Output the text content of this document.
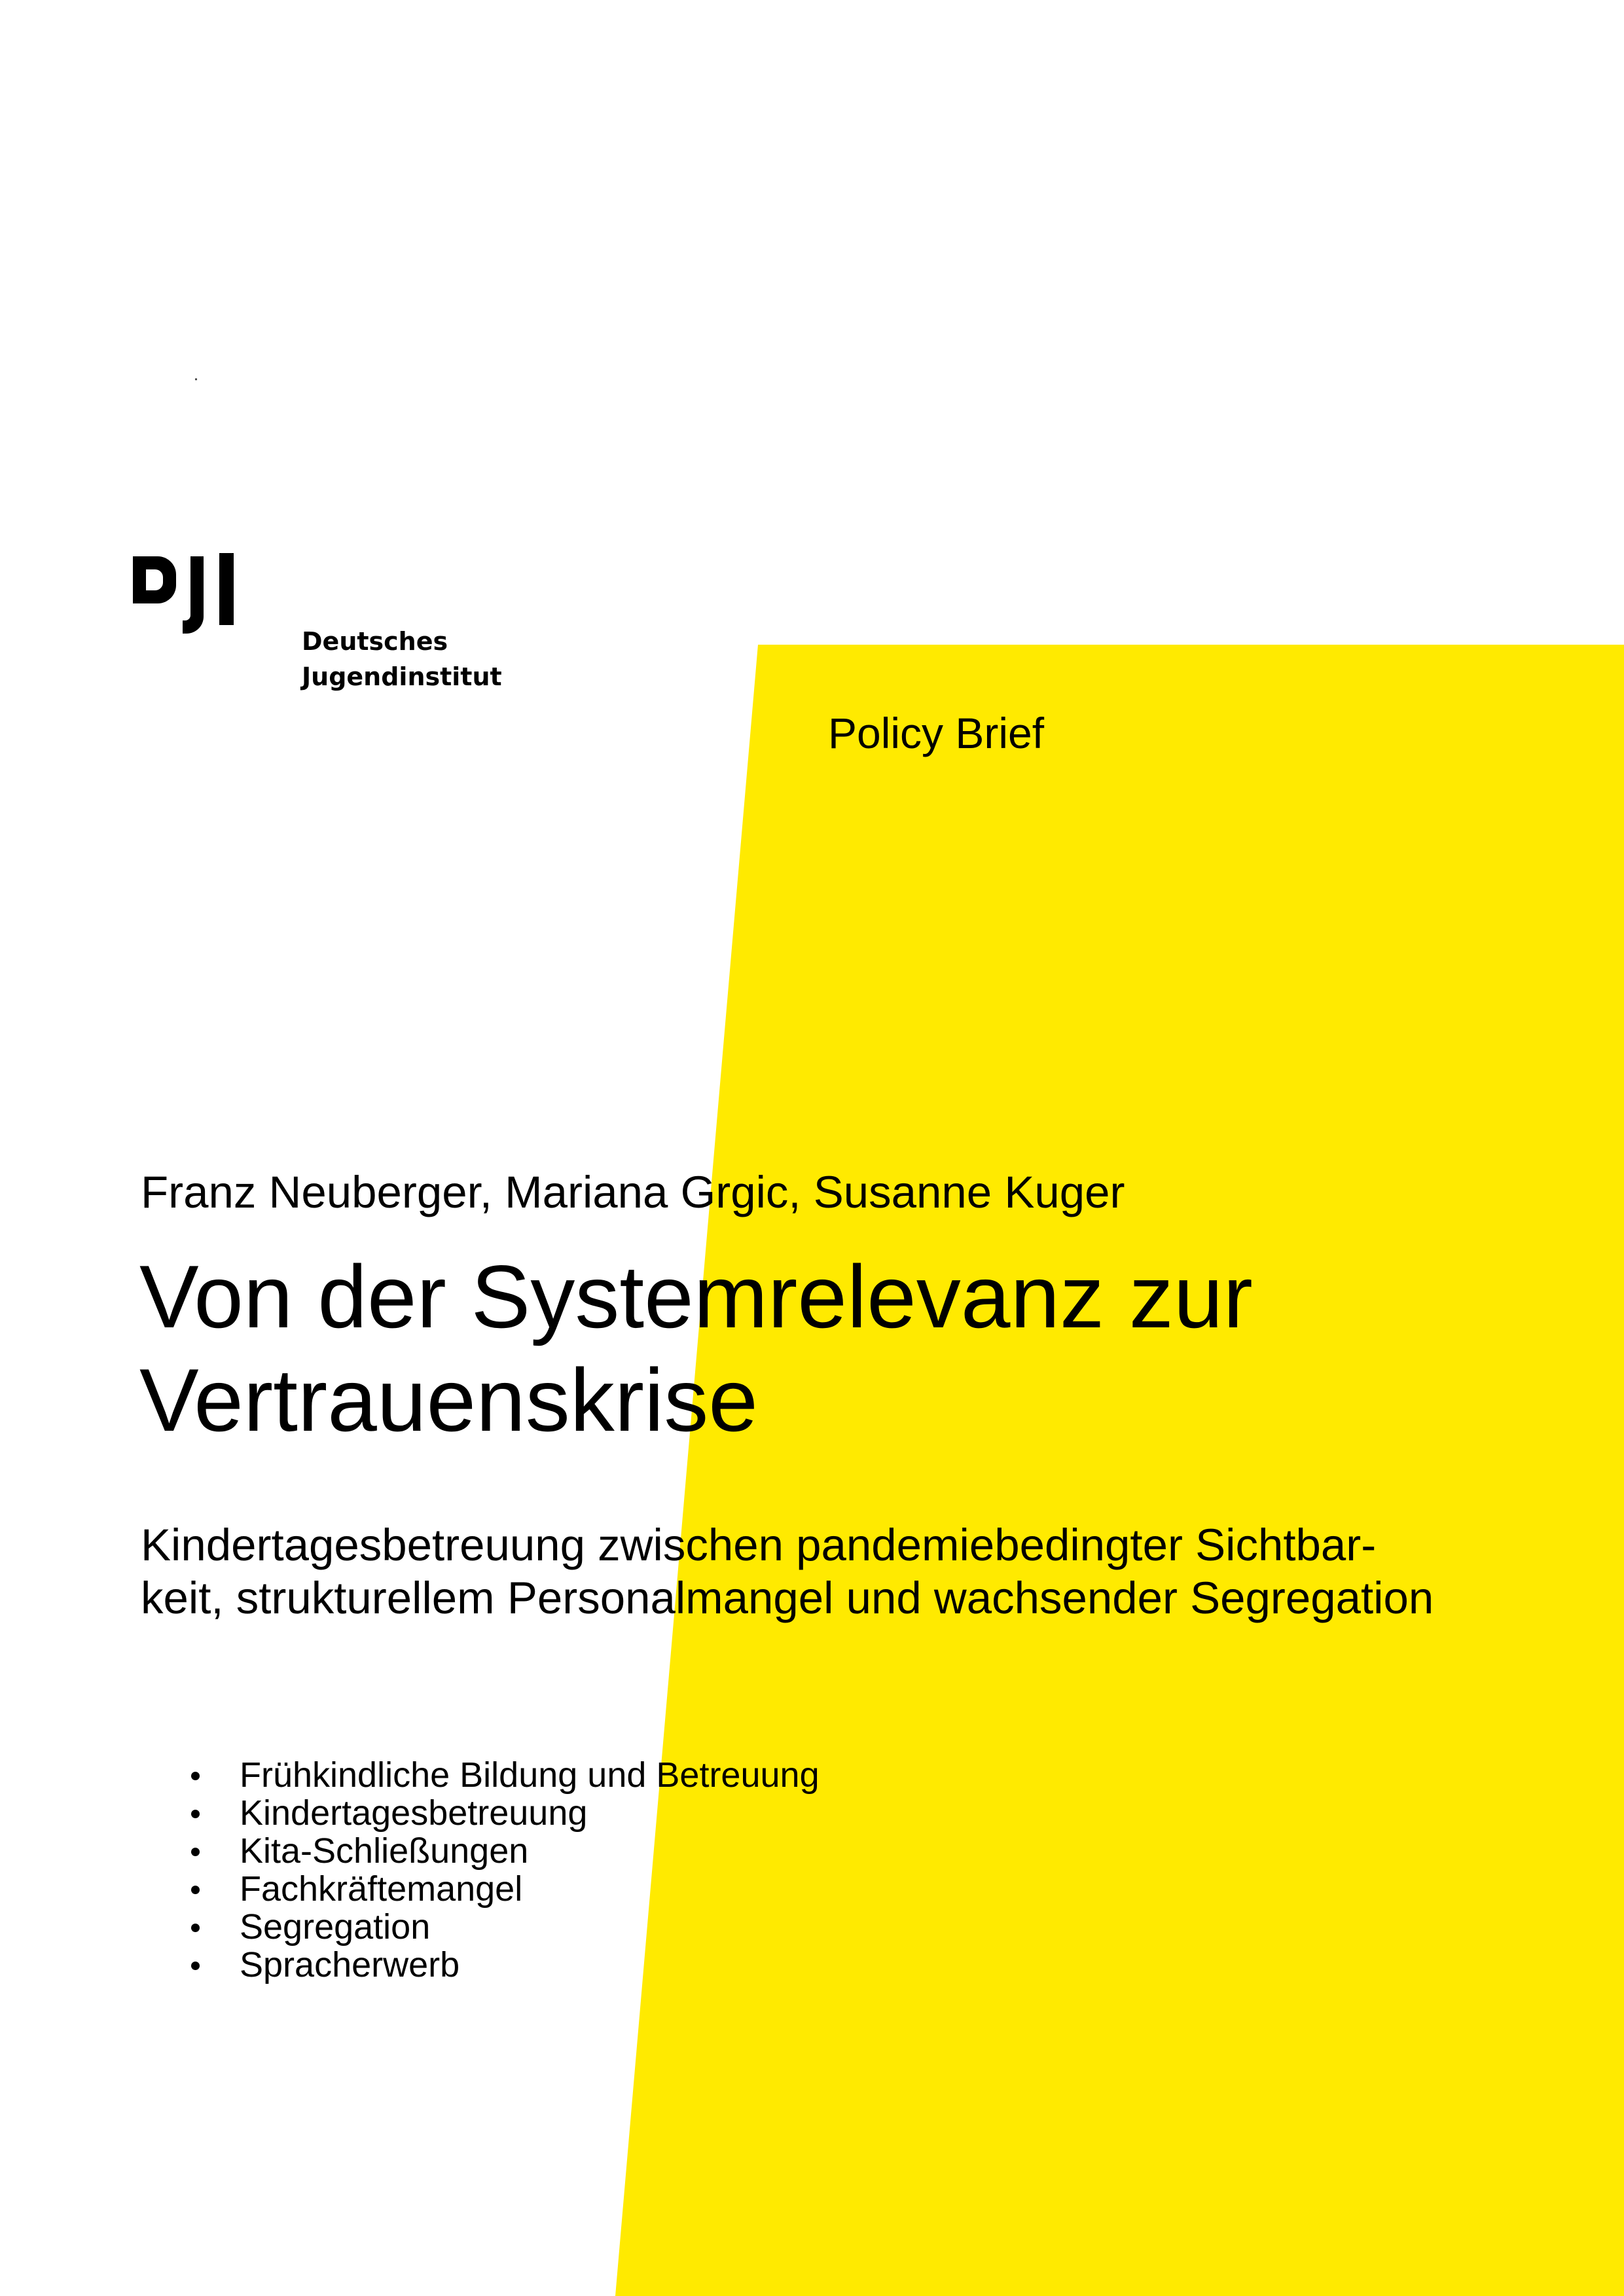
Deutsches
Jugendinstitut
Policy Brief
Franz Neuberger, Mariana Grgic, Susanne Kuger
Von der Systemrelevanz zur
Vertrauenskrise
Kindertagesbetreuung zwischen pandemiebedingter Sichtbar-
keit, strukturellem Personalmangel und wachsender Segregation
Frühkindliche Bildung und Betreuung
Kindertagesbetreuung
Kita-Schließungen
Fachkräftemangel
Segregation
Spracherwerb
